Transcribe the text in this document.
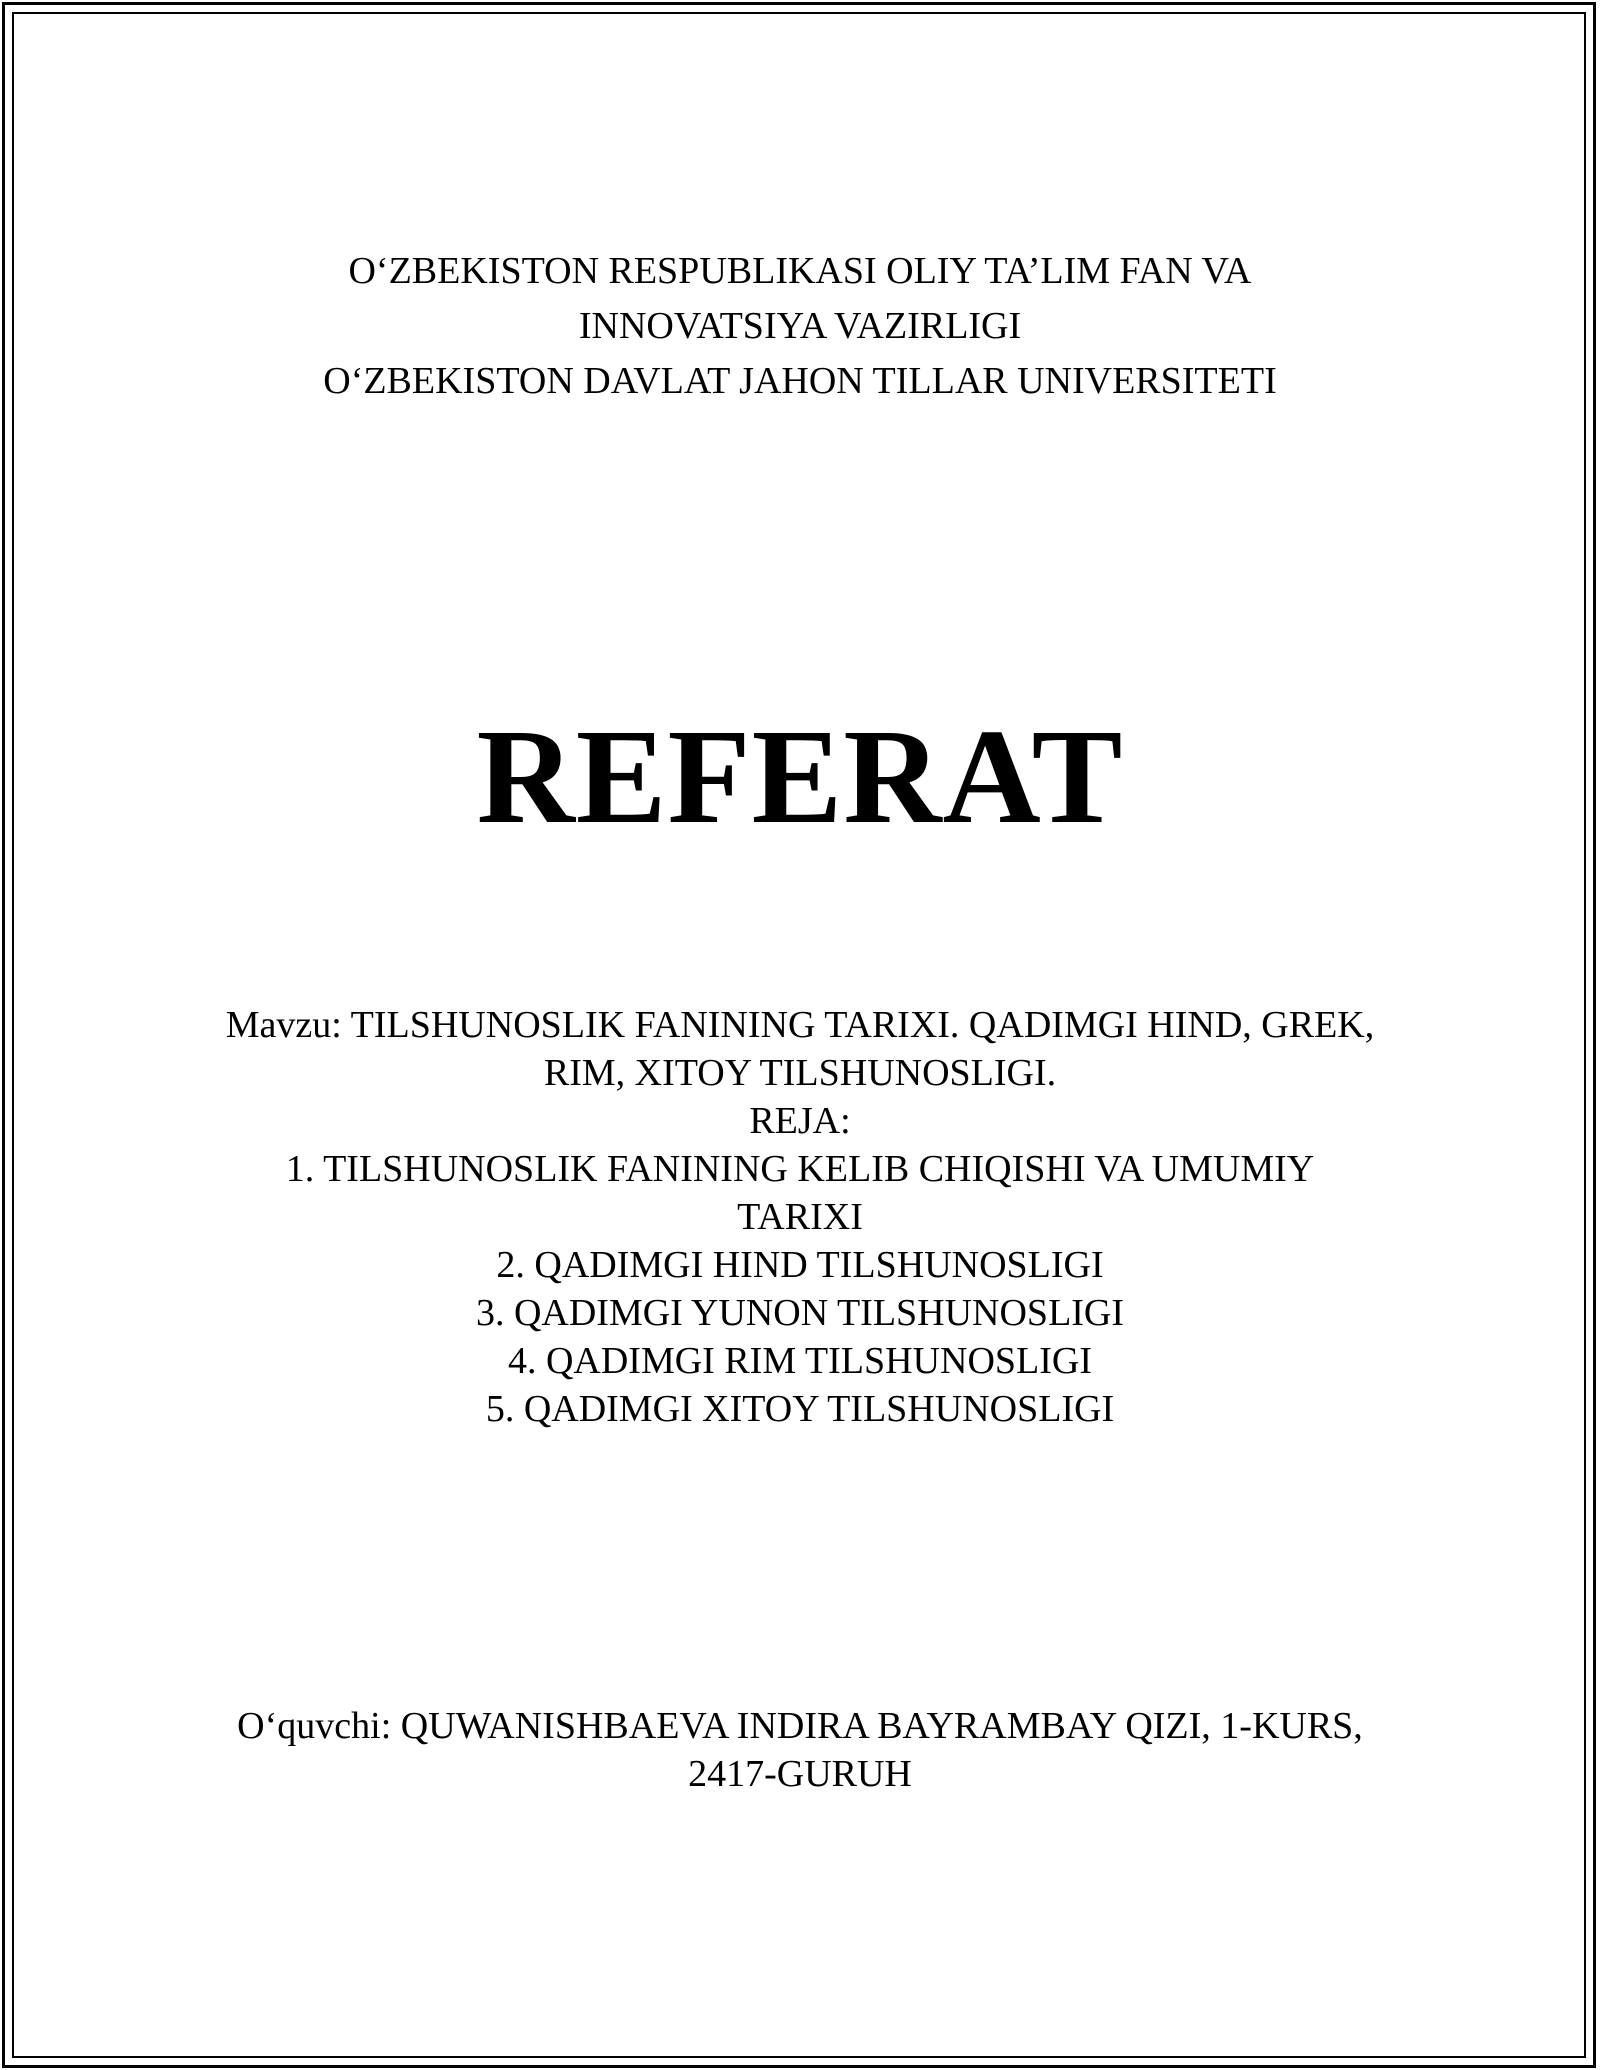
O‘ZBEKISTON RESPUBLIKASI OLIY TA’LIM FAN VA
INNOVATSIYA VAZIRLIGI
O‘ZBEKISTON DAVLAT JAHON TILLAR UNIVERSITETI
REFERAT
Mavzu: TILSHUNOSLIK FANINING TARIXI. QADIMGI HIND, GREK,
RIM, XITOY TILSHUNOSLIGI.
REJA:
1. TILSHUNOSLIK FANINING KELIB CHIQISHI VA UMUMIY
TARIXI
2. QADIMGI HIND TILSHUNOSLIGI
3. QADIMGI YUNON TILSHUNOSLIGI
4. QADIMGI RIM TILSHUNOSLIGI
5. QADIMGI XITOY TILSHUNOSLIGI
O‘quvchi: QUWANISHBAEVA INDIRA BAYRAMBAY QIZI, 1-KURS,
2417-GURUH
